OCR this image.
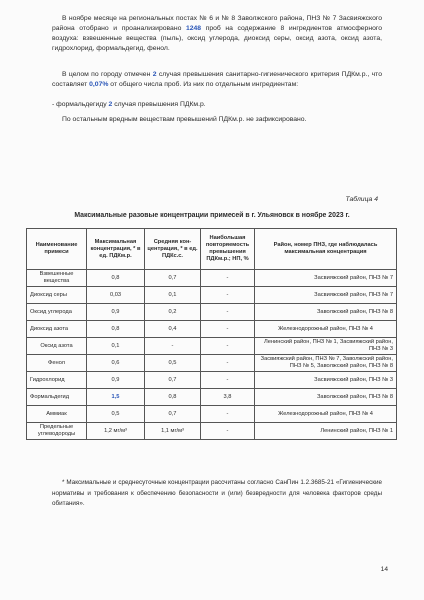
В ноябре месяце на региональных постах № 6 и № 8 Заволжского района, ПНЗ № 7 Засвияжского района отобрано и проанализировано 1248 проб на содержание 8 ингредиентов атмосферного воздуха: взвешенные вещества (пыль), оксид углерода, диоксид серы, оксид азота, оксид азота, гидрохлорид, формальдегид, фенол.

В целом по городу отмечен 2 случая превышения санитарно-гигиенического критерия ПДКм.р., что составляет 0,07% от общего числа проб. Из них по отдельным ингредиентам:

- формальдегиду 2 случая превышения ПДКм.р.

По остальным вредным веществам превышений ПДКм.р. не зафиксировано.

Таблица 4
Максимальные разовые концентрации примесей в г. Ульяновск в ноябре 2023 г.
Наименование примеси	Максимальная концентрация, * в ед. ПДКм.р.	Средняя кон-центрация, * в ед. ПДКс.с.	Наибольшая повторяемость превышения ПДКм.р.; НП, %	Район, номер ПНЗ, где наблюдалась максимальная концентрация
Взвешенные вещества	0,8	0,7	-	Засвияжский район, ПНЗ № 7
Диоксид серы	0,03	0,1	-	Засвияжский район, ПНЗ № 7
Оксид углерода	0,9	0,2	-	Заволжский район, ПНЗ № 8
Диоксид азота	0,8	0,4	-	Железнодорожный район, ПНЗ № 4
Оксид азота	0,1	-	-	Ленинский район, ПНЗ № 1, Засвияжский район, ПНЗ № 3
Фенол	0,6	0,5	-	Засвияжский район, ПНЗ № 7, Заволжский район, ПНЗ № 5, Заволжский район, ПНЗ № 8
Гидрохлорид	0,9	0,7	-	Засвияжский район, ПНЗ № 3
Формальдегид	1,5	0,8	3,8	Заволжский район, ПНЗ № 8
Аммиак	0,5	0,7	-	Железнодорожный район, ПНЗ № 4
Предельные углеводороды	1,2 мг/м³	1,1 мг/м³	-	Ленинский район, ПНЗ № 1

* Максимальные и среднесуточные концентрации рассчитаны согласно СанПин 1.2.3685-21 «Гигиенические нормативы и требования к обеспечению безопасности и (или) безвредности для человека факторов среды обитания».

14
